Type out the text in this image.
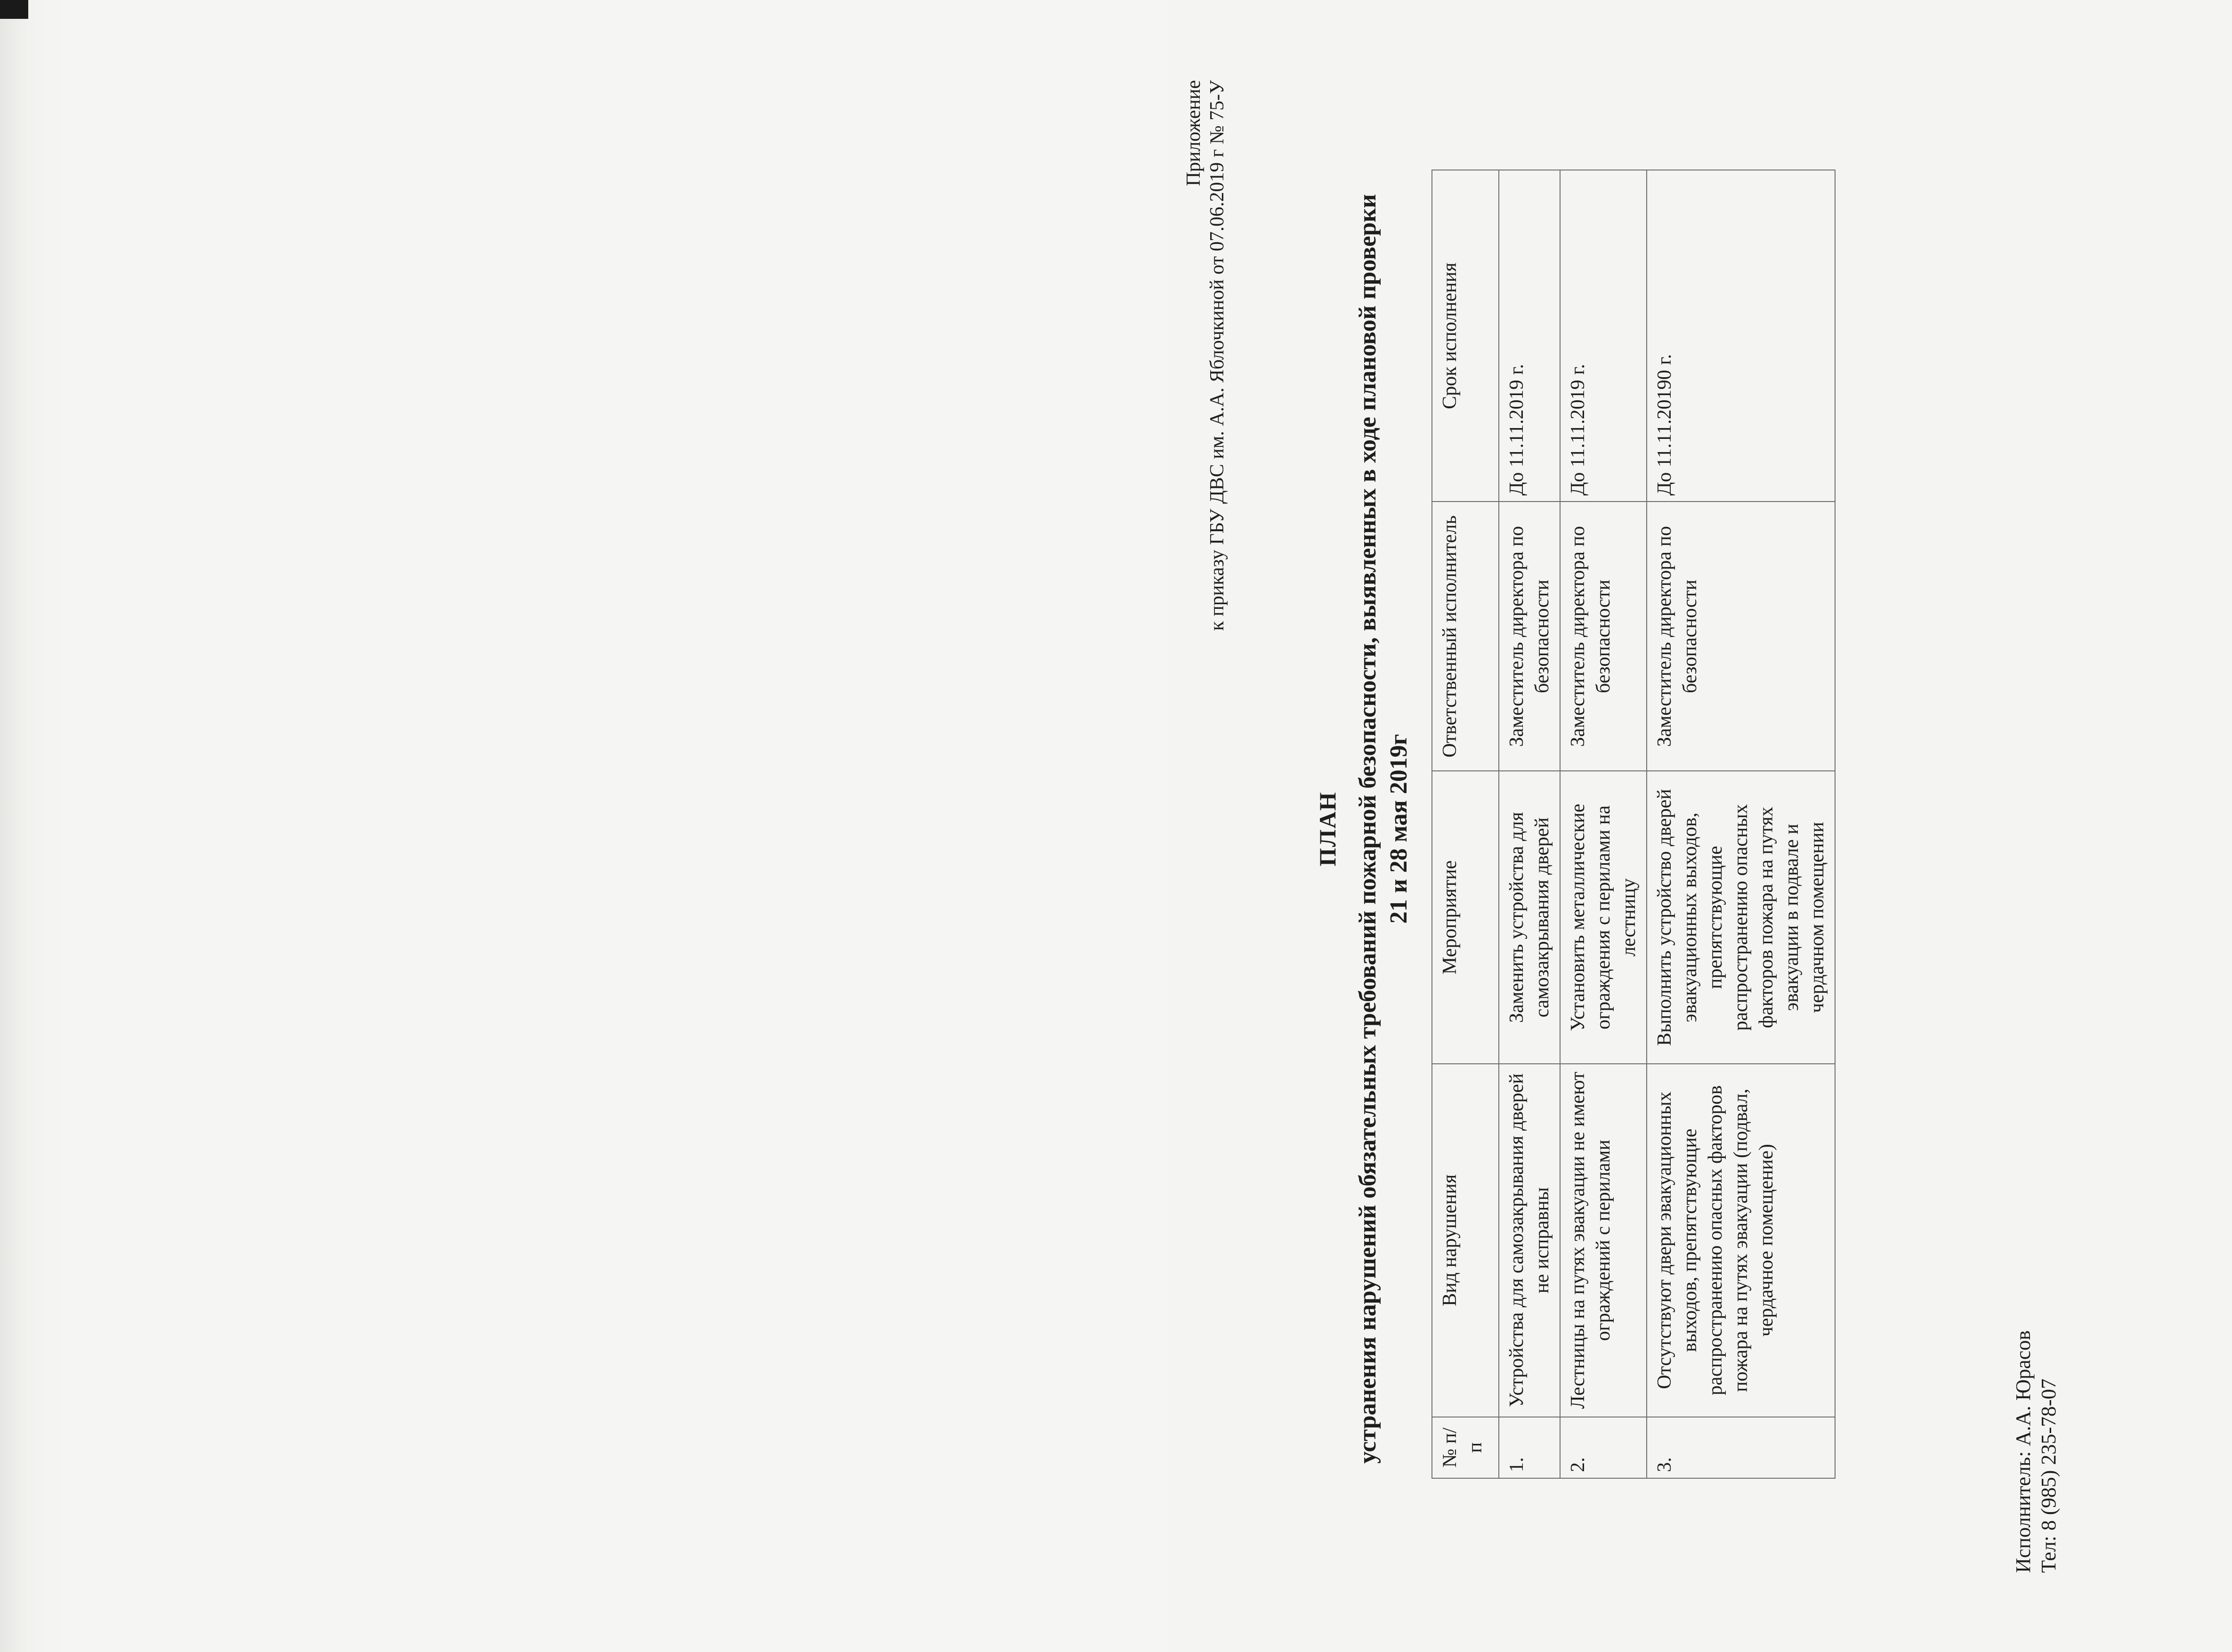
Приложение к приказу ГБУ ДВС им. А.А. Яблочкиной от 07.06.2019 г № 75-У
ПЛАН устранения нарушений обязательных требований пожарной безопасности, выявленных в ходе плановой проверки 21 и 28 мая 2019г
№ п/п	Вид нарушения	Мероприятие	Ответственный исполнитель	Срок исполнения
1.	Устройства для самозакрывания дверей не исправны	Заменить устройства для самозакрывания дверей	Заместитель директора по безопасности	До 11.11.2019 г.
2.	Лестницы на путях эвакуации не имеют ограждений с перилами	Установить металлические ограждения с перилами на лестницу	Заместитель директора по безопасности	До 11.11.2019 г.
3.	Отсутствуют двери эвакуационных выходов, препятствующие распространению опасных факторов пожара на путях эвакуации (подвал, чердачное помещение)	Выполнить устройство дверей эвакуационных выходов, препятствующие распространению опасных факторов пожара на путях эвакуации в подвале и чердачном помещении	Заместитель директора по безопасности	До 11.11.20190 г.
Исполнитель: А.А. Юрасов Тел: 8 (985) 235-78-07
